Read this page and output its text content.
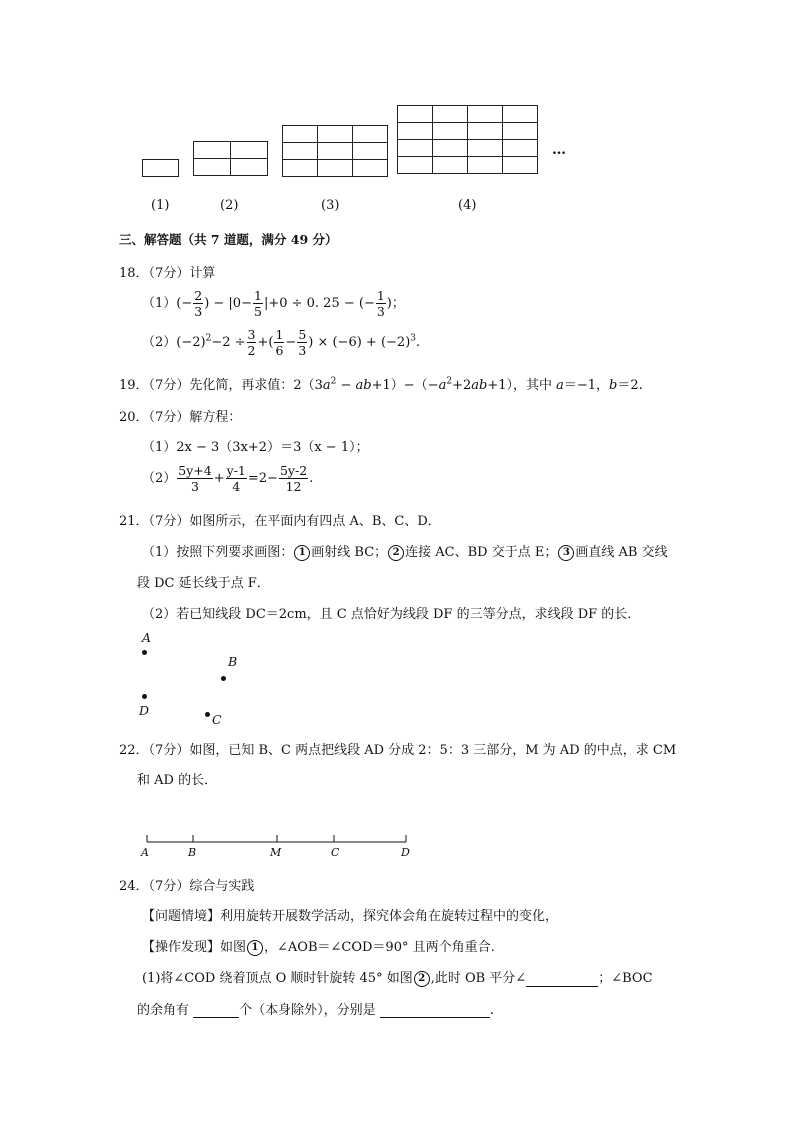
…
(1)	(2)	(3)	(4)
三、解答题（共 7 道题，满分 49 分）
18．（7分）计算
$(1)(- \frac{2}{3}$ ) − $|0- \frac{1}{5} |+0 \div 0$. 25 − (− $\frac{1}{3}$ )；
$(2)(-2)^2-2 \div \frac{3}{2}$ +( $\frac{1}{6} - \frac{5}{3}$ ) × $(-6) + (-2)^3$.
19．（7分）先化简，再求值：$2(3a^2 - ab+1)-(-a^2+2ab+1)$，其中 a＝−1，b＝2.
20．（7分）解方程：
（1）2x − 3（3x+2）＝3（x − 1）；
$(2) \frac{5y+4}{3} + \frac{y-1}{4} =2- \frac{5y-2}{12}$ .
21．（7分）如图所示，在平面内有四点 A、B、C、D．
（1）按照下列要求画图： 1 画射线 BC； 2 连接 AC、BD 交于点 E； 3 画直线 AB 交线
段 DC 延长线于点 F．
（2）若已知线段 DC＝2cm，且 C 点恰好为线段 DF 的三等分点，求线段 DF 的长．
A
B
D
C
22．（7分）如图，已知 B、C 两点把线段 AD 分成 2：5：3 三部分，M 为 AD 的中点，求 CM
和 AD 的长．
A	B	M	C	D
24．（7分）综合与实践
【问题情境】利用旋转开展数学活动，探究体会角在旋转过程中的变化，
【操作发现】如图 1 ，∠AOB＝∠COD＝90° 且两个角重合.
(1)将∠COD 绕着顶点 O 顺时针旋转 45° 如图 2 ,此时 OB 平分∠	；∠BOC
的余角有	个（本身除外），分别是	.
